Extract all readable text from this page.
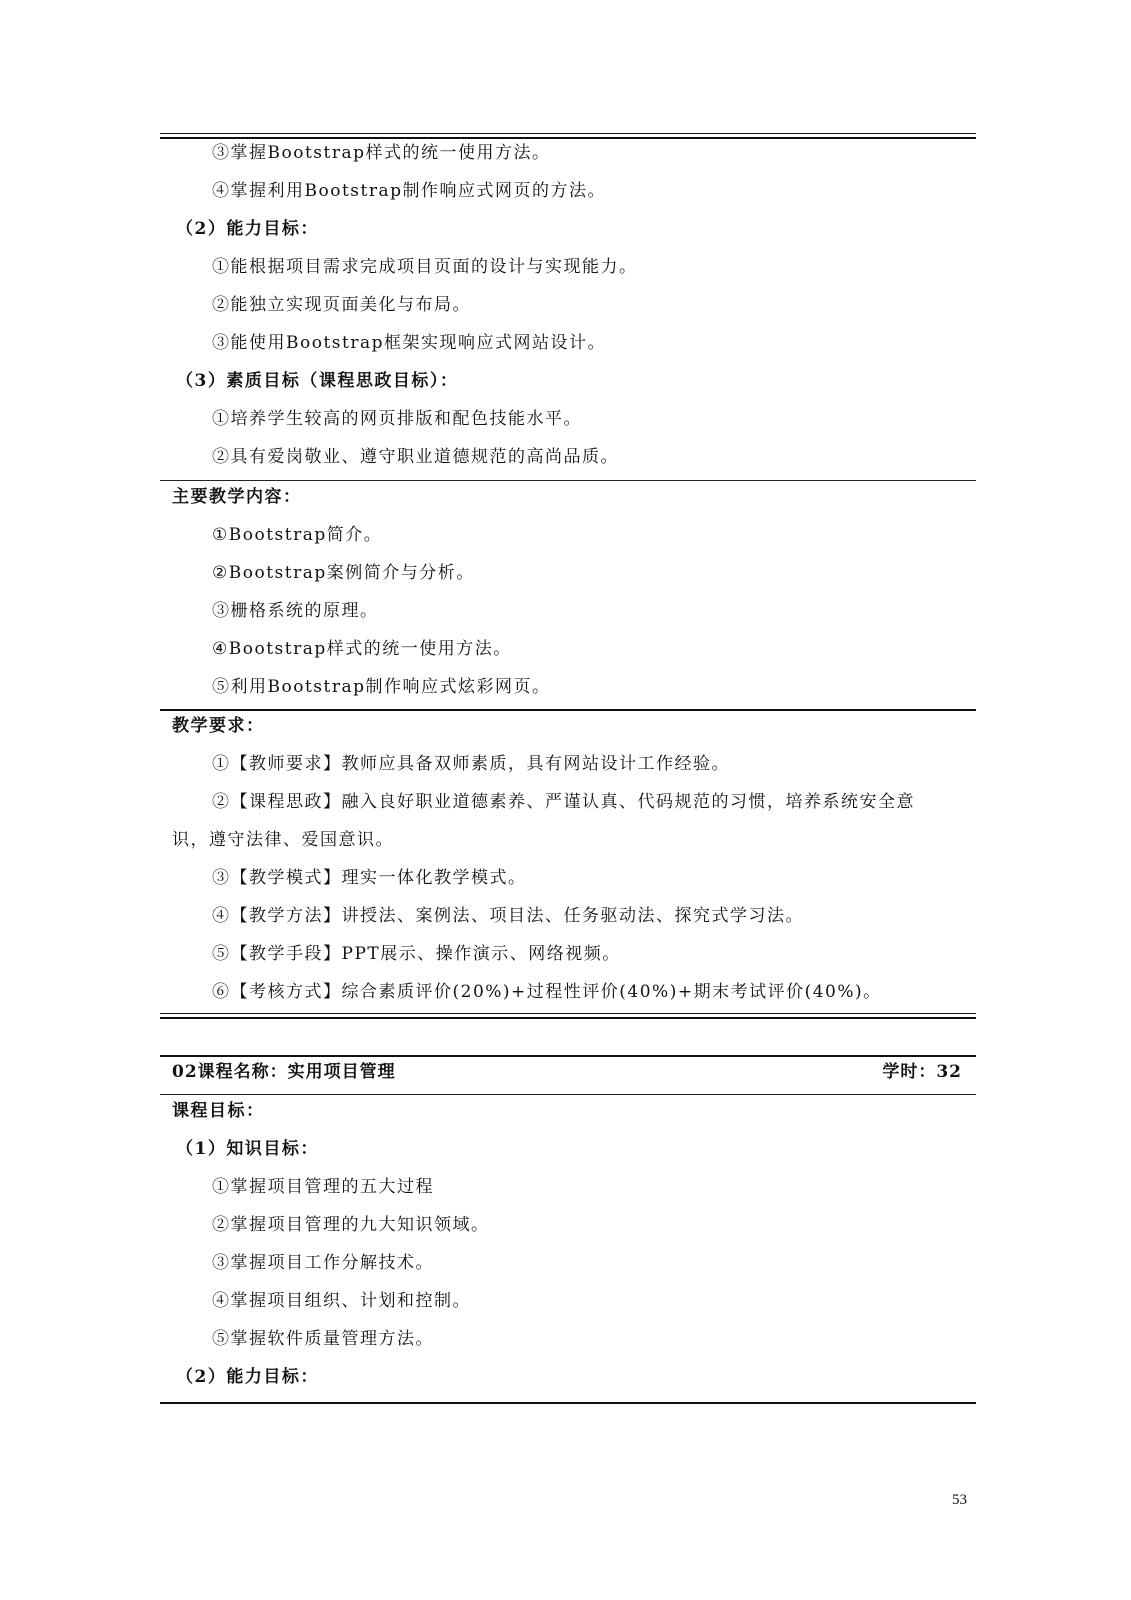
③掌握Bootstrap样式的统一使用方法。
④掌握利用Bootstrap制作响应式网页的方法。
（2）能力目标：
①能根据项目需求完成项目页面的设计与实现能力。
②能独立实现页面美化与布局。
③能使用Bootstrap框架实现响应式网站设计。
（3）素质目标（课程思政目标）：
①培养学生较高的网页排版和配色技能水平。
②具有爱岗敬业、遵守职业道德规范的高尚品质。
主要教学内容：
①Bootstrap简介。
②Bootstrap案例简介与分析。
③栅格系统的原理。
④Bootstrap样式的统一使用方法。
⑤利用Bootstrap制作响应式炫彩网页。
教学要求：
①【教师要求】教师应具备双师素质，具有网站设计工作经验。
②【课程思政】融入良好职业道德素养、严谨认真、代码规范的习惯，培养系统安全意
识，遵守法律、爱国意识。
③【教学模式】理实一体化教学模式。
④【教学方法】讲授法、案例法、项目法、任务驱动法、探究式学习法。
⑤【教学手段】PPT展示、操作演示、网络视频。
⑥【考核方式】综合素质评价(20%)+过程性评价(40%)+期末考试评价(40%)。
02课程名称：实用项目管理	学时：32
课程目标：
（1）知识目标：
①掌握项目管理的五大过程
②掌握项目管理的九大知识领域。
③掌握项目工作分解技术。
④掌握项目组织、计划和控制。
⑤掌握软件质量管理方法。
（2）能力目标：
53
